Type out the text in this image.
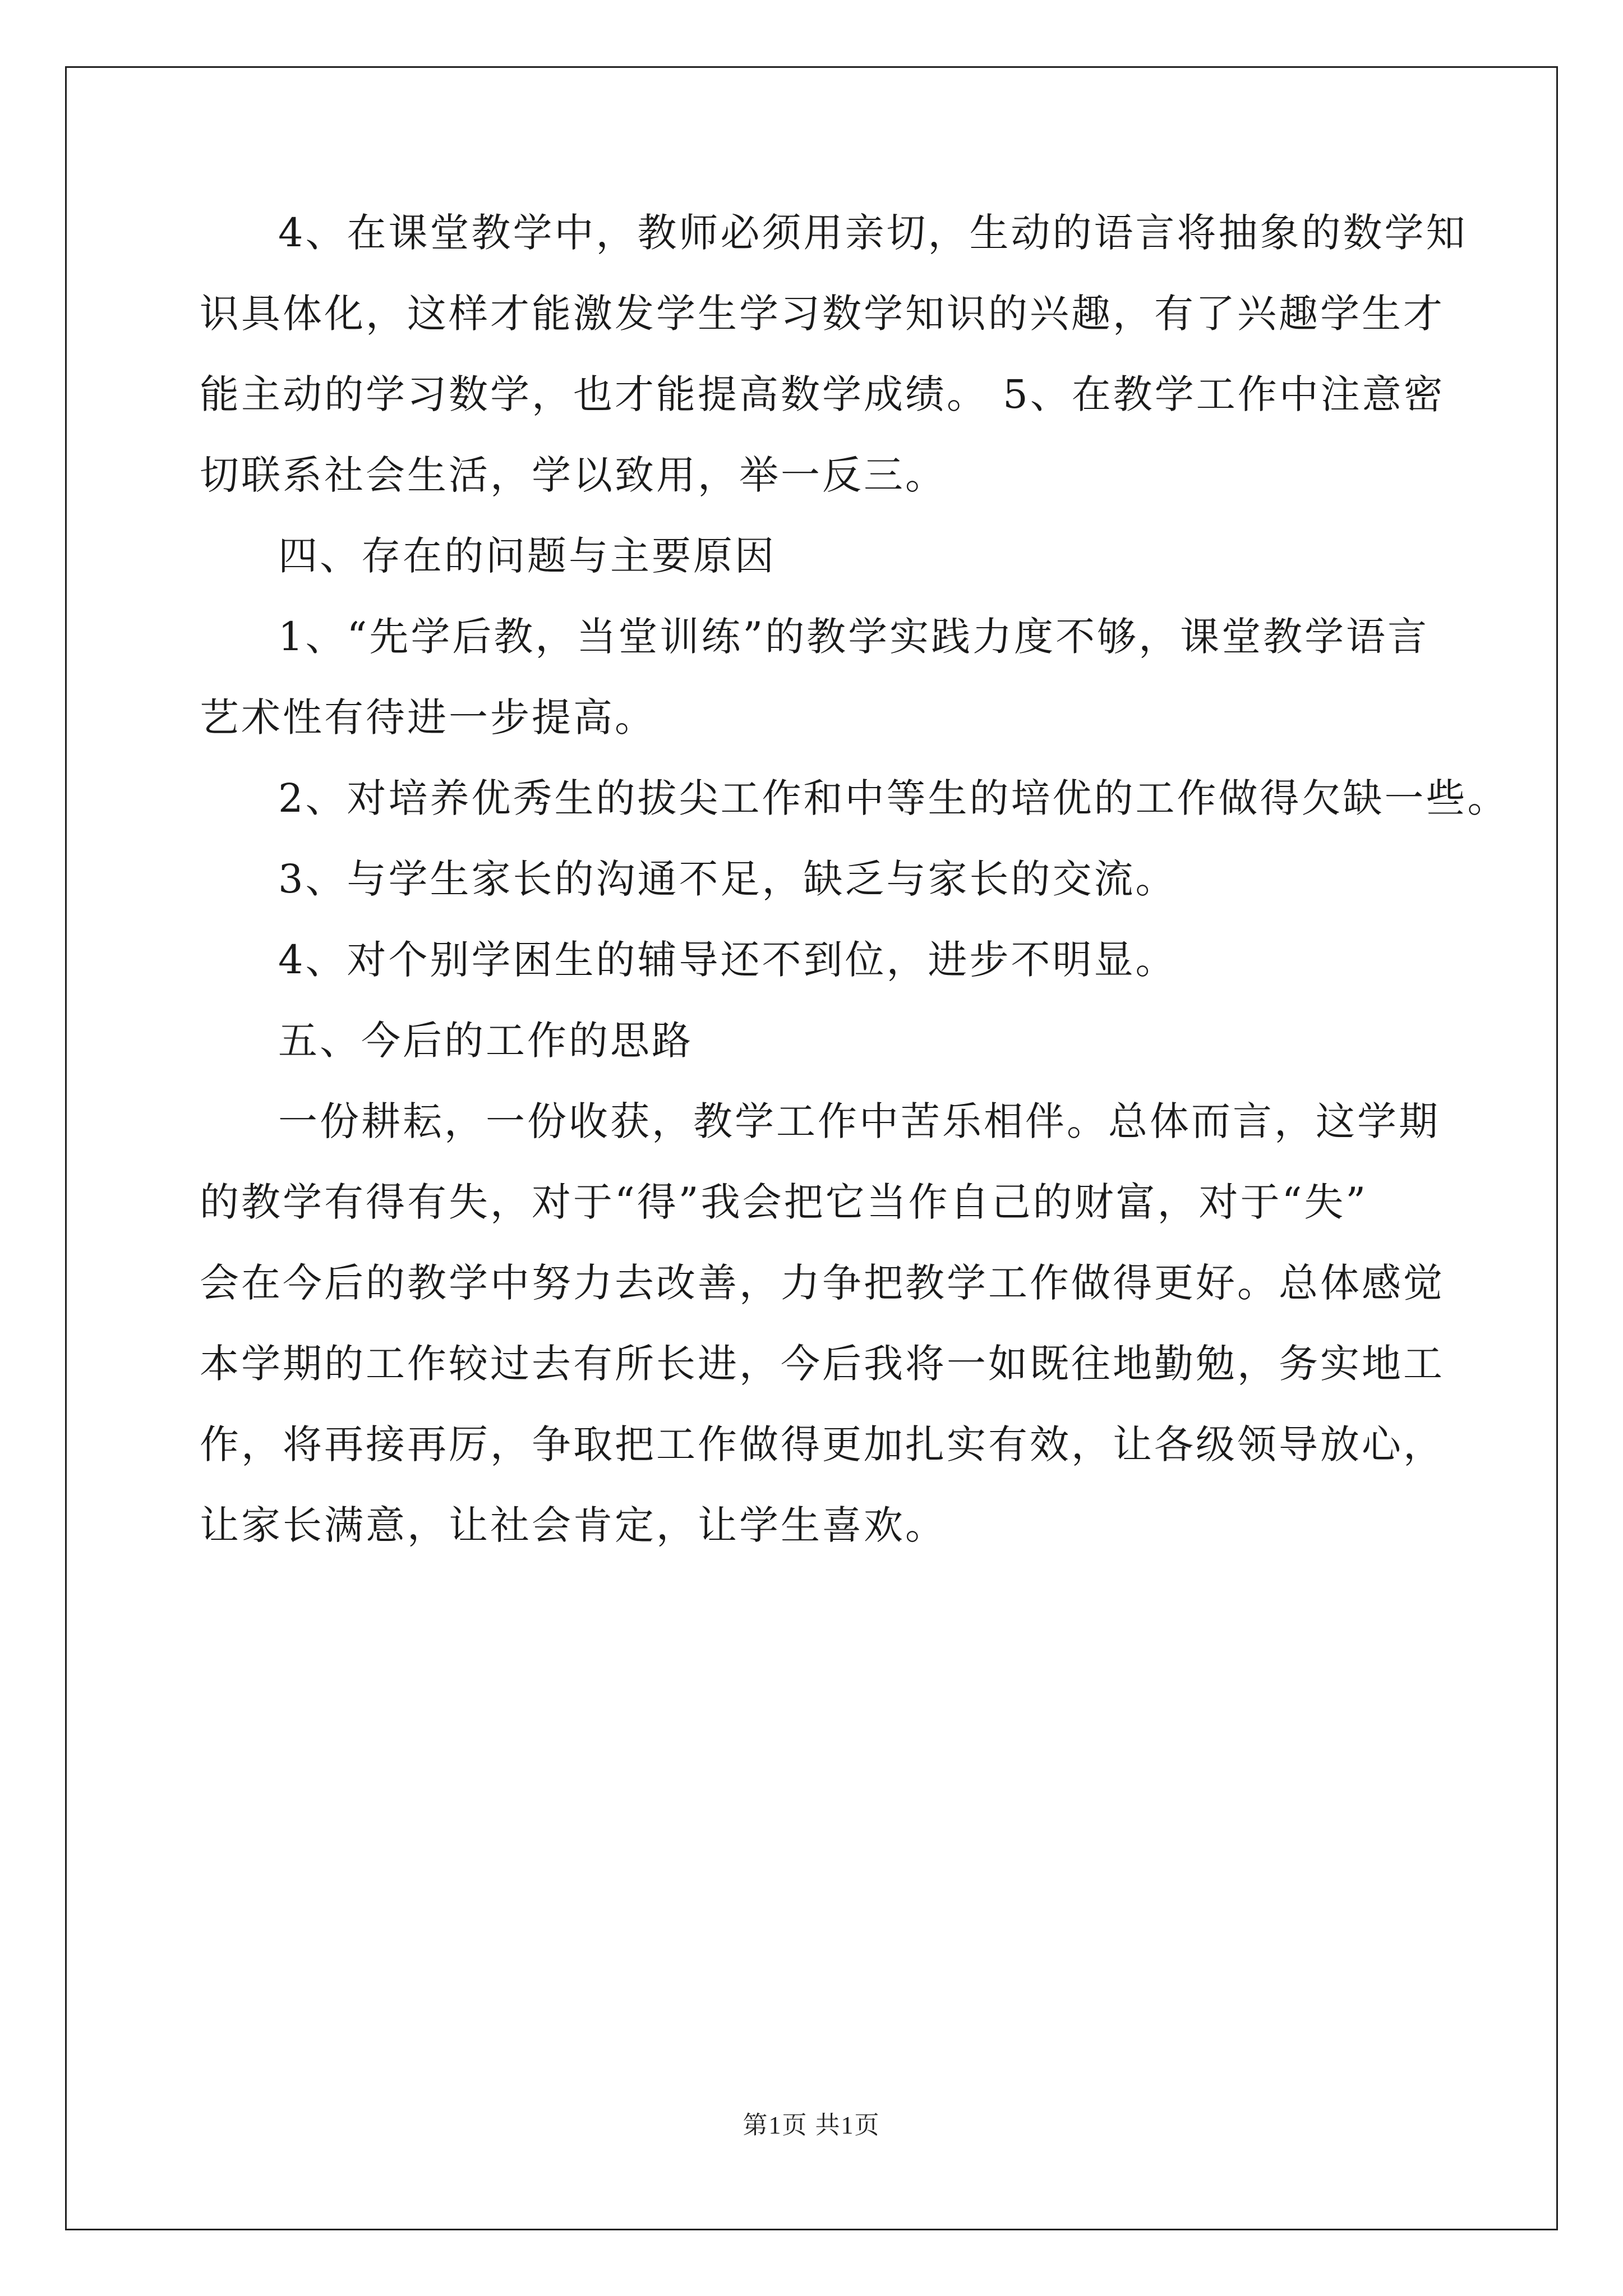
4、在课堂教学中，教师必须用亲切，生动的语言将抽象的数学知
识具体化，这样才能激发学生学习数学知识的兴趣，有了兴趣学生才
能主动的学习数学，也才能提高数学成绩。 5、在教学工作中注意密
切联系社会生活，学以致用，举一反三。
四、存在的问题与主要原因
1、“先学后教，当堂训练”的教学实践力度不够，课堂教学语言
艺术性有待进一步提高。
2、对培养优秀生的拔尖工作和中等生的培优的工作做得欠缺一些。
3、与学生家长的沟通不足，缺乏与家长的交流。
4、对个别学困生的辅导还不到位，进步不明显。
五、今后的工作的思路
一份耕耘，一份收获，教学工作中苦乐相伴。总体而言，这学期
的教学有得有失，对于“得”我会把它当作自己的财富，对于“失”
会在今后的教学中努力去改善，力争把教学工作做得更好。总体感觉
本学期的工作较过去有所长进，今后我将一如既往地勤勉，务实地工
作，将再接再厉，争取把工作做得更加扎实有效，让各级领导放心，
让家长满意，让社会肯定，让学生喜欢。
第1页 共1页
